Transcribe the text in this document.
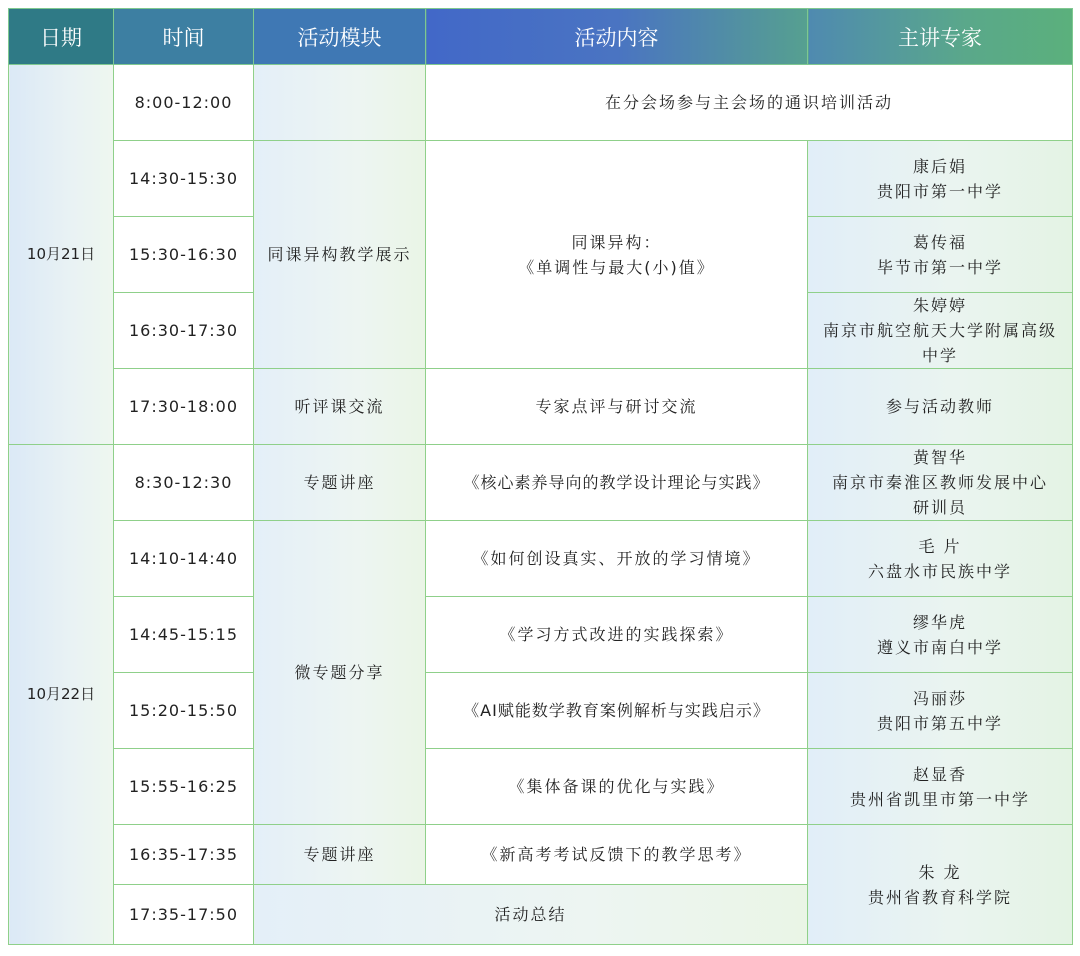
日期	时间	活动模块	活动内容	主讲专家
10月21日	8:00-12:00		在分会场参与主会场的通识培训活动	
	14:30-15:30	同课异构教学展示	同课异构：
《单调性与最大(小)值》	康后娟
贵阳市第一中学

	15:30-16:30			葛传福
毕节市第一中学

	16:30-17:30			朱婷婷
南京市航空航天大学附属高级中学

	17:30-18:00	听评课交流	专家点评与研讨交流	参与活动教师
10月22日	8:30-12:30	专题讲座	《核心素养导向的教学设计理论与实践》	黄智华
南京市秦淮区教师发展中心
研训员

	14:10-14:40	微专题分享	《如何创设真实、开放的学习情境》	毛 片
六盘水市民族中学

	14:45-15:15		《学习方式改进的实践探索》	缪华虎
遵义市南白中学

	15:20-15:50		《AI赋能数学教育案例解析与实践启示》	冯丽莎
贵阳市第五中学

	15:55-16:25		《集体备课的优化与实践》	赵显香
贵州省凯里市第一中学

	16:35-17:35	专题讲座	《新高考考试反馈下的教学思考》	朱 龙
贵州省教育科学院

	17:35-17:50	活动总结		
